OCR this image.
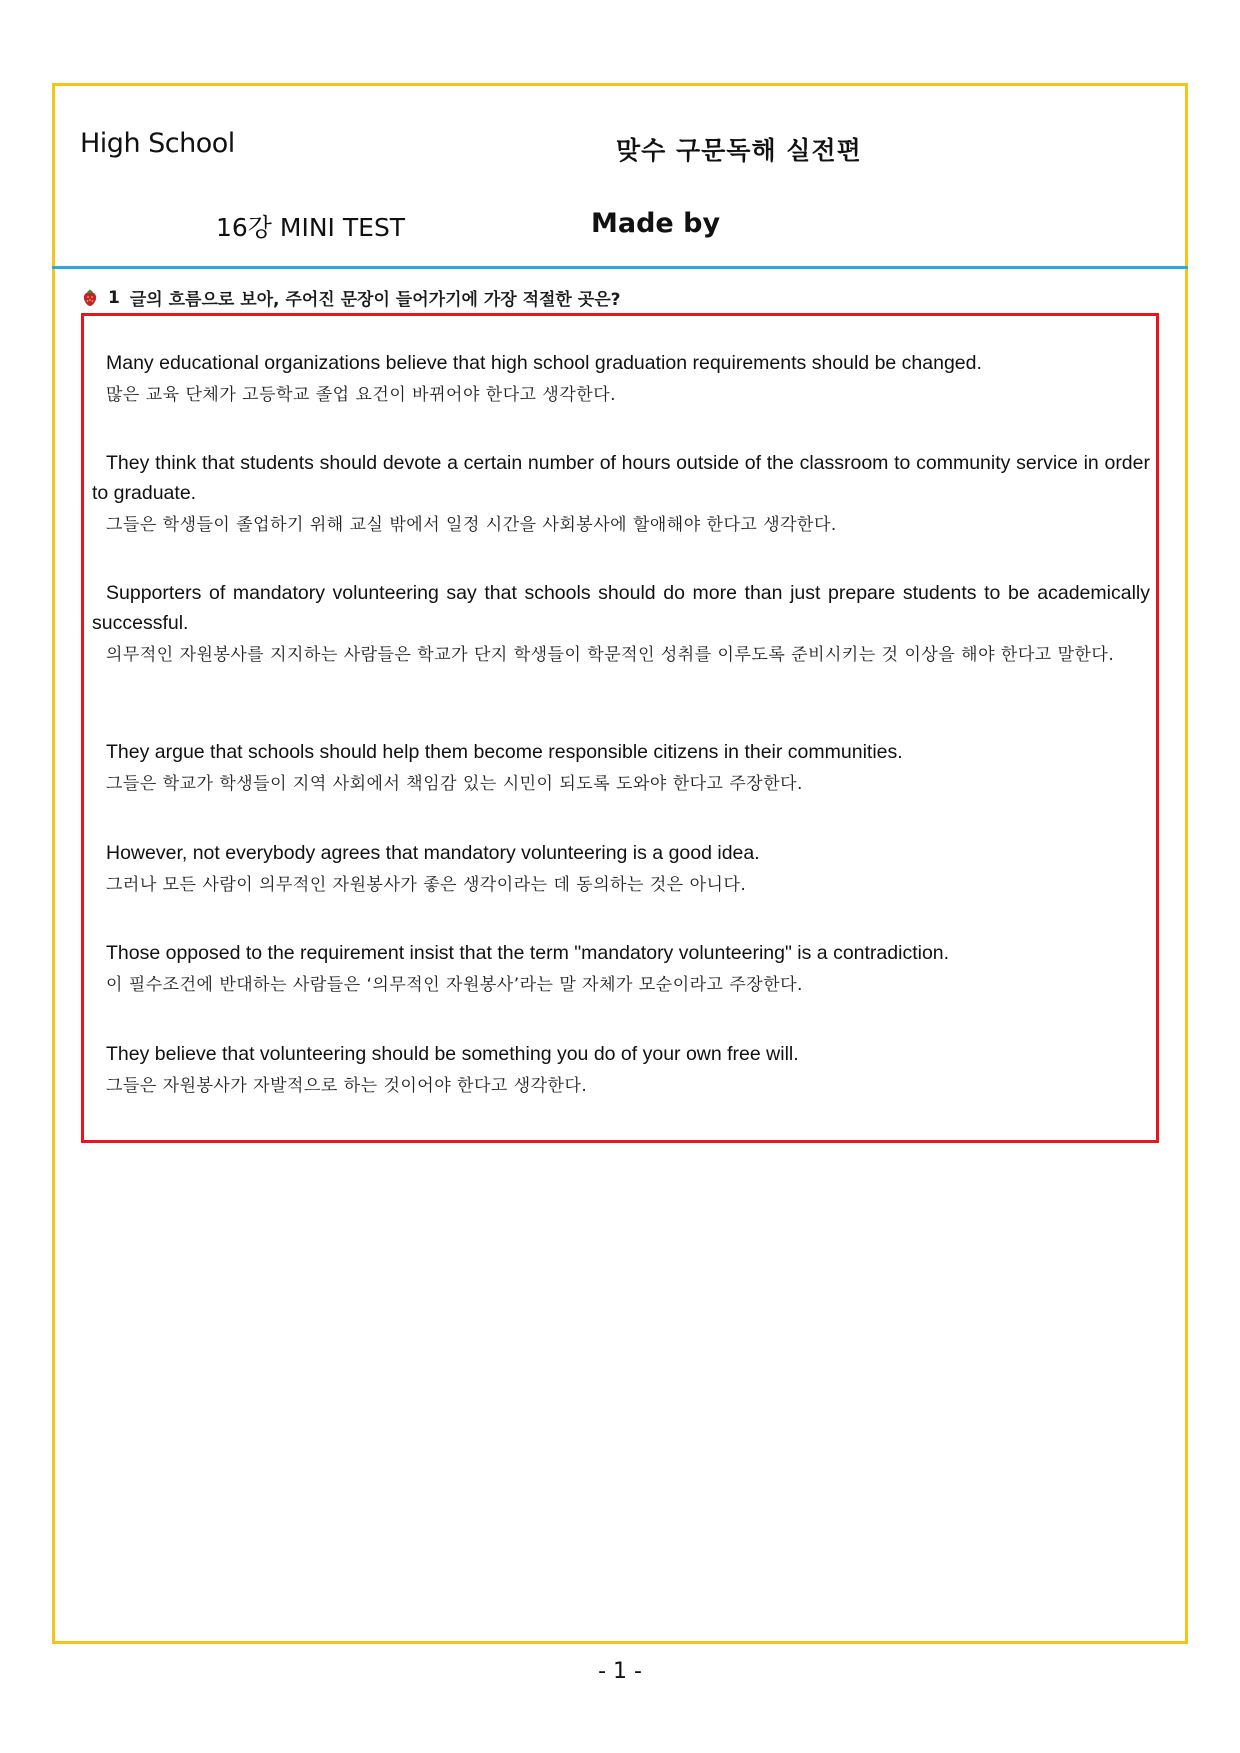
High School	맞수 구문독해 실전편
16강 MINI TEST	Made by
1 글의 흐름으로 보아, 주어진 문장이 들어가기에 가장 적절한 곳은?

Many educational organizations believe that high school graduation requirements should be changed.

많은 교육 단체가 고등학교 졸업 요건이 바뀌어야 한다고 생각한다.

They think that students should devote a certain number of hours outside of the classroom to community service in order to graduate.

그들은 학생들이 졸업하기 위해 교실 밖에서 일정 시간을 사회봉사에 할애해야 한다고 생각한다.

Supporters of mandatory volunteering say that schools should do more than just prepare students to be academically successful.

의무적인 자원봉사를 지지하는 사람들은 학교가 단지 학생들이 학문적인 성취를 이루도록 준비시키는 것 이상을 해야 한다고 말한다.

They argue that schools should help them become responsible citizens in their communities.

그들은 학교가 학생들이 지역 사회에서 책임감 있는 시민이 되도록 도와야 한다고 주장한다.

However, not everybody agrees that mandatory volunteering is a good idea.

그러나 모든 사람이 의무적인 자원봉사가 좋은 생각이라는 데 동의하는 것은 아니다.

Those opposed to the requirement insist that the term "mandatory volunteering" is a contradiction.

이 필수조건에 반대하는 사람들은 ‘의무적인 자원봉사’라는 말 자체가 모순이라고 주장한다.

They believe that volunteering should be something you do of your own free will.

그들은 자원봉사가 자발적으로 하는 것이어야 한다고 생각한다.

- 1 -
